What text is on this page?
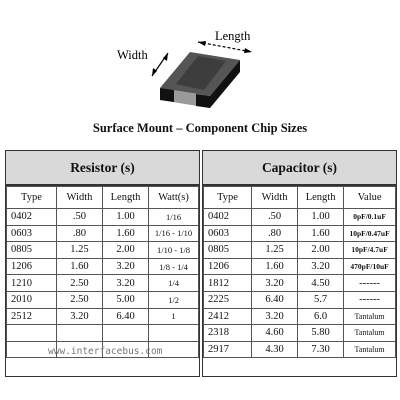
Width
Length
Surface Mount – Component Chip Sizes
Resistor (s)
Type	Width	Length	Watt(s)
0402	.50	1.00	1/16
0603	.80	1.60	1/16 - 1/10
0805	1.25	2.00	1/10 - 1/8
1206	1.60	3.20	1/8 - 1/4
1210	2.50	3.20	1/4
2010	2.50	5.00	1/2
2512	3.20	6.40	1

Capacitor (s)
Type	Width	Length	Value
0402	.50	1.00	0pF/0.1uF
0603	.80	1.60	10pF/0.47uF
0805	1.25	2.00	10pF/4.7uF
1206	1.60	3.20	470pF/10uF
1812	3.20	4.50	------
2225	6.40	5.7	------
2412	3.20	6.0	Tantalum
2318	4.60	5.80	Tantalum
2917	4.30	7.30	Tantalum
www.interfacebus.com
